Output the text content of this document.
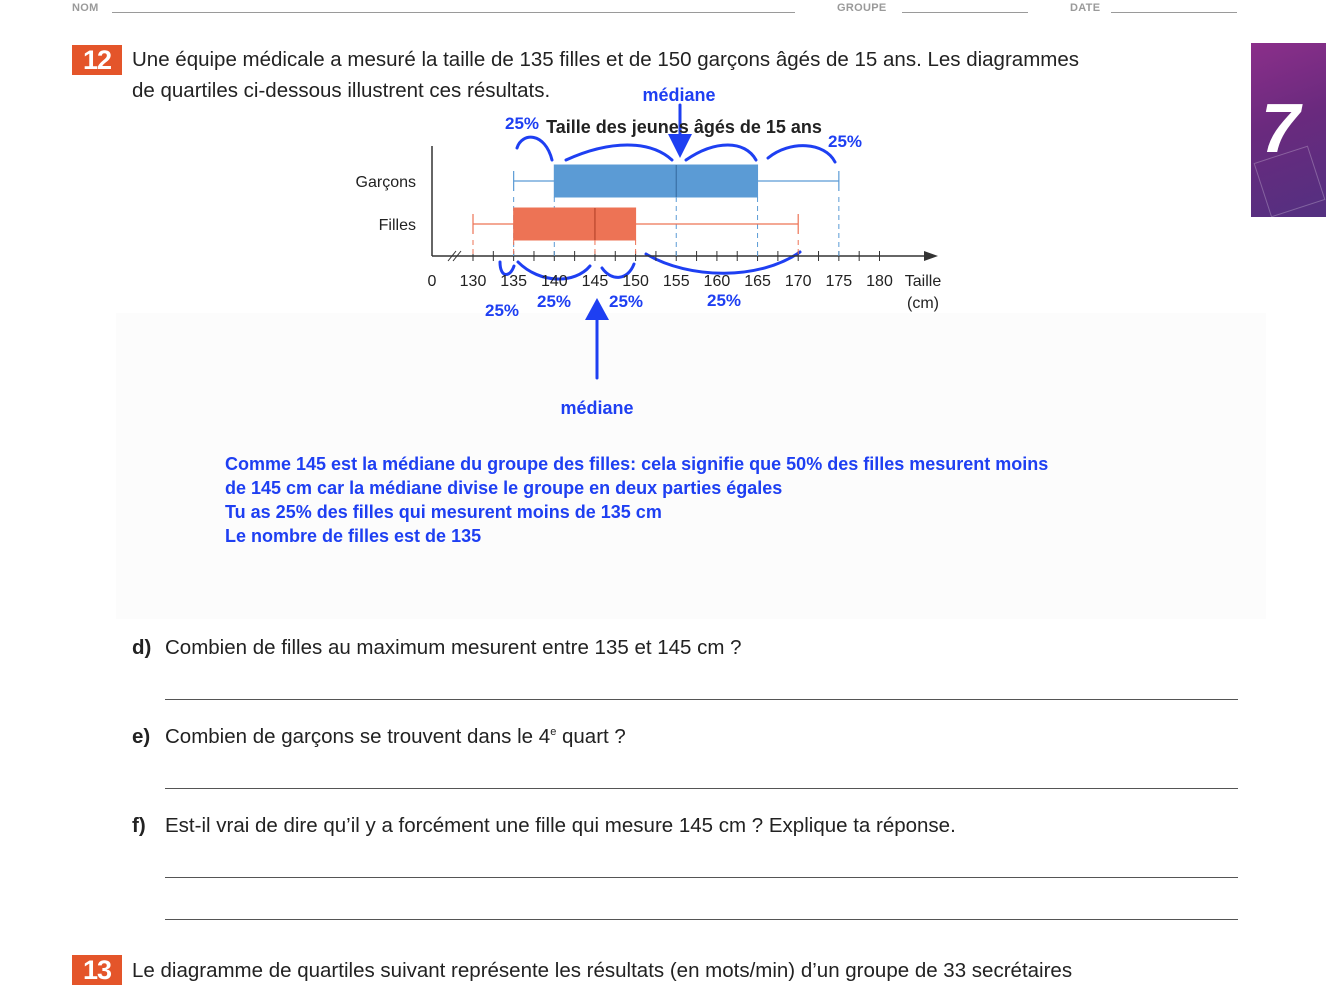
NOM	GROUPE	DATE
7
12	Une équipe médicale a mesuré la taille de 135 filles et de 150 garçons âgés de 15 ans. Les diagrammes
de quartiles ci-dessous illustrent ces résultats.
Taille des jeunes âgés de 15 ans
0 130 135 140 145 150 155 160 165 170 175 180 Taille
(cm)
Garçons
Filles
médiane
25%
25%
25% 25% 25%	25%
médiane
Comme 145 est la médiane du groupe des filles: cela signifie que 50% des filles mesurent moins
de 145 cm car la médiane divise le groupe en deux parties égales
Tu as 25% des filles qui mesurent moins de 135 cm
Le nombre de filles est de 135
d) Combien de filles au maximum mesurent entre 135 et 145 cm ?
e) Combien de garçons se trouvent dans le 4e quart ?
f) Est-il vrai de dire qu’il y a forcément une fille qui mesure 145 cm ? Explique ta réponse.
13	Le diagramme de quartiles suivant représente les résultats (en mots/min) d’un groupe de 33 secrétaires
